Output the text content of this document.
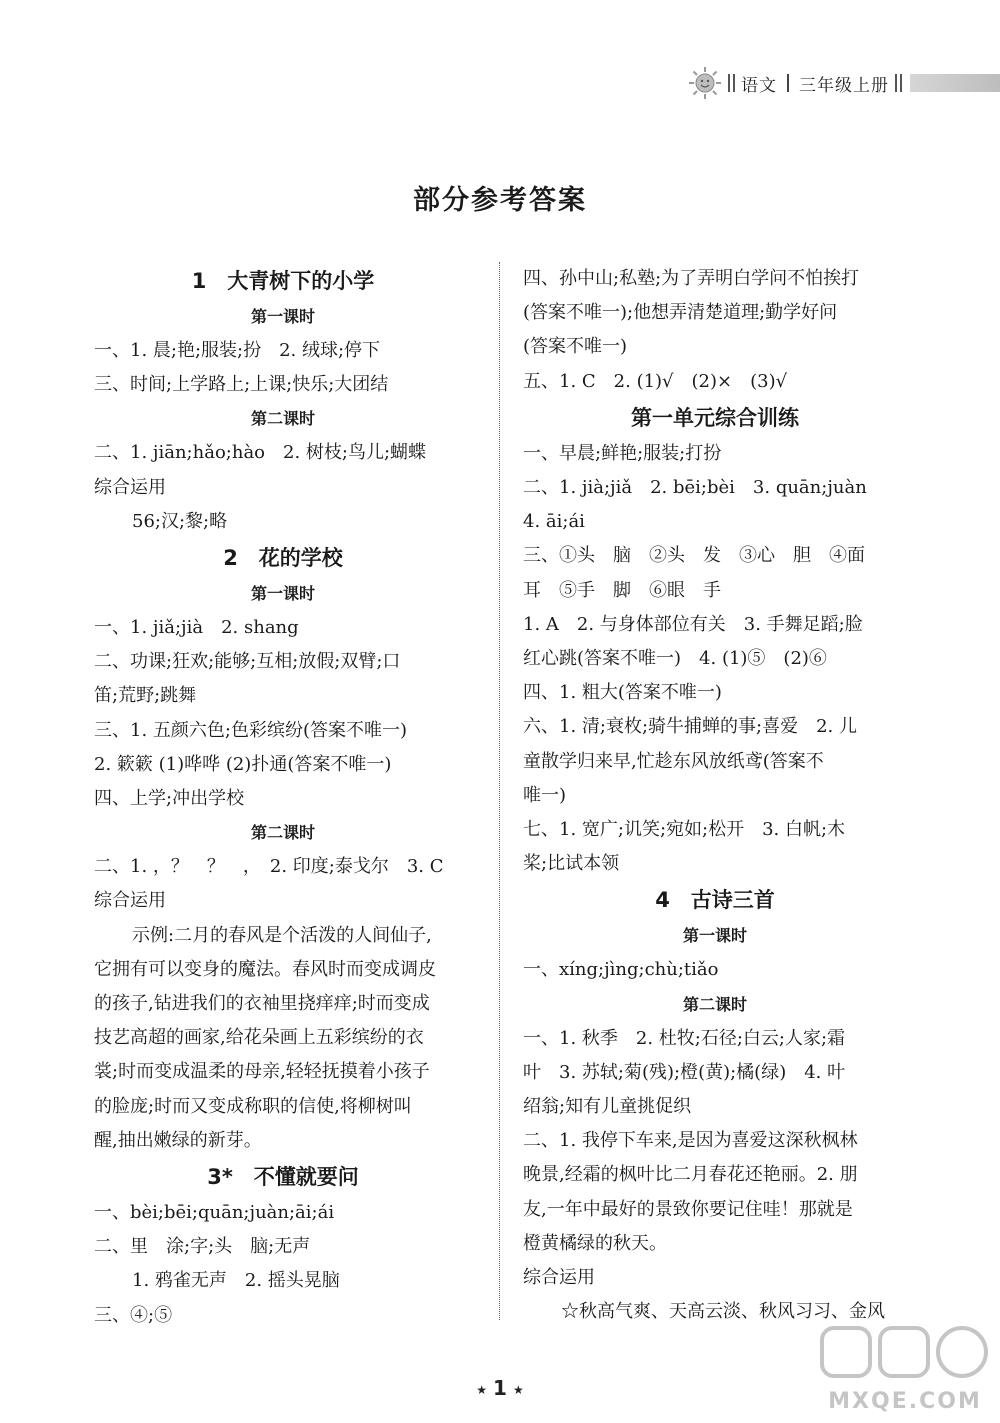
语文 三年级上册
部分参考答案
1　大青树下的小学
第一课时
一、1. 晨;艳;服装;扮　2. 绒球;停下
三、时间;上学路上;上课;快乐;大团结
第二课时
二、1. jiān;hǎo;hào　2. 树枝;鸟儿;蝴蝶
综合运用
56;汉;黎;略
2　花的学校
第一课时
一、1. jiǎ;jià　2. shang
二、功课;狂欢;能够;互相;放假;双臂;口
笛;荒野;跳舞
三、1. 五颜六色;色彩缤纷(答案不唯一)
2. 簌簌 (1)哗哗 (2)扑通(答案不唯一)
四、上学;冲出学校
第二课时
二、1. ，？　？　，　2. 印度;泰戈尔　3. C
综合运用
示例:二月的春风是个活泼的人间仙子,
它拥有可以变身的魔法。春风时而变成调皮
的孩子,钻进我们的衣袖里挠痒痒;时而变成
技艺高超的画家,给花朵画上五彩缤纷的衣
裳;时而变成温柔的母亲,轻轻抚摸着小孩子
的脸庞;时而又变成称职的信使,将柳树叫
醒,抽出嫩绿的新芽。
3*　不懂就要问
一、bèi;bēi;quān;juàn;āi;ái
二、里　涂;字;头　脑;无声
1. 鸦雀无声　2. 摇头晃脑
三、④;⑤
四、孙中山;私塾;为了弄明白学问不怕挨打
(答案不唯一);他想弄清楚道理;勤学好问
(答案不唯一)
五、1. C　2. (1)√　(2)×　(3)√
第一单元综合训练
一、早晨;鲜艳;服装;打扮
二、1. jià;jiǎ　2. bēi;bèi　3. quān;juàn
4. āi;ái
三、①头　脑　②头　发　③心　胆　④面
耳　⑤手　脚　⑥眼　手
1. A　2. 与身体部位有关　3. 手舞足蹈;脸
红心跳(答案不唯一)　4. (1)⑤　(2)⑥
四、1. 粗大(答案不唯一)
六、1. 清;衰枚;骑牛捕蝉的事;喜爱　2. 儿
童散学归来早,忙趁东风放纸鸢(答案不
唯一)
七、1. 宽广;讥笑;宛如;松开　3. 白帆;木
桨;比试本领
4　古诗三首
第一课时
一、xíng;jìng;chù;tiǎo
第二课时
一、1. 秋季　2. 杜牧;石径;白云;人家;霜
叶　3. 苏轼;菊(残);橙(黄);橘(绿)　4. 叶
绍翁;知有儿童挑促织
二、1. 我停下车来,是因为喜爱这深秋枫林
晚景,经霜的枫叶比二月春花还艳丽。2. 朋
友,一年中最好的景致你要记住哇！那就是
橙黄橘绿的秋天。
综合运用
☆秋高气爽、天高云淡、秋风习习、金风
★ 1 ★	MXQE.COM
